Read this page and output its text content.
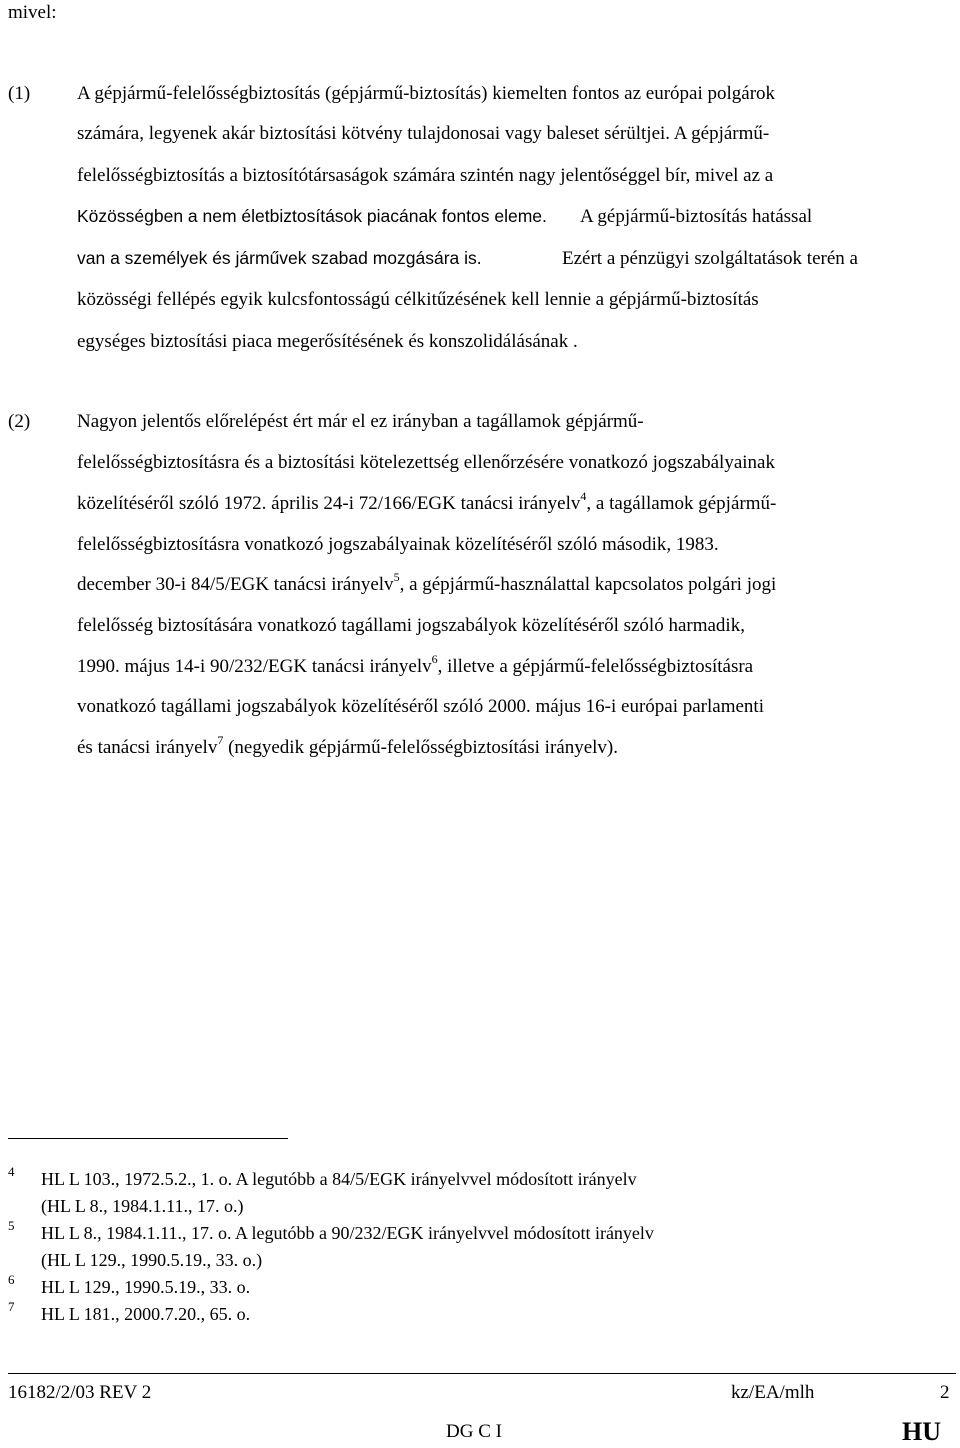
mivel:
(1) A gépjármű-felelősségbiztosítás (gépjármű-biztosítás) kiemelten fontos az európai polgárok
számára, legyenek akár biztosítási kötvény tulajdonosai vagy baleset sérültjei. A gépjármű-
felelősségbiztosítás a biztosítótársaságok számára szintén nagy jelentőséggel bír, mivel az a
Közösségben a nem életbiztosítások piacának fontos eleme. A gépjármű-biztosítás hatással
van a személyek és járművek szabad mozgására is.	Ezért a pénzügyi szolgáltatások terén a
közösségi fellépés egyik kulcsfontosságú célkitűzésének kell lennie a gépjármű-biztosítás
egységes biztosítási piaca megerősítésének és konszolidálásának .
(2) Nagyon jelentős előrelépést ért már el ez irányban a tagállamok gépjármű-
felelősségbiztosításra és a biztosítási kötelezettség ellenőrzésére vonatkozó jogszabályainak
közelítéséről szóló 1972. április 24-i 72/166/EGK tanácsi irányelv$^4$, a tagállamok gépjármű-
felelősségbiztosításra vonatkozó jogszabályainak közelítéséről szóló második, 1983.
december 30-i 84/5/EGK tanácsi irányelv$^5$, a gépjármű-használattal kapcsolatos polgári jogi
felelősség biztosítására vonatkozó tagállami jogszabályok közelítéséről szóló harmadik,
1990. május 14-i 90/232/EGK tanácsi irányelv$^6$, illetve a gépjármű-felelősségbiztosításra
vonatkozó tagállami jogszabályok közelítéséről szóló 2000. május 16-i európai parlamenti
és tanácsi irányelv$^7$ (negyedik gépjármű-felelősségbiztosítási irányelv).
4 HL L 103., 1972.5.2., 1. o. A legutóbb a 84/5/EGK irányelvvel módosított irányelv
(HL L 8., 1984.1.11., 17. o.)
5 HL L 8., 1984.1.11., 17. o. A legutóbb a 90/232/EGK irányelvvel módosított irányelv
(HL L 129., 1990.5.19., 33. o.)
6 HL L 129., 1990.5.19., 33. o.
7 HL L 181., 2000.7.20., 65. o.
16182/2/03 REV 2	kz/EA/mlh	2
DG C I	HU
